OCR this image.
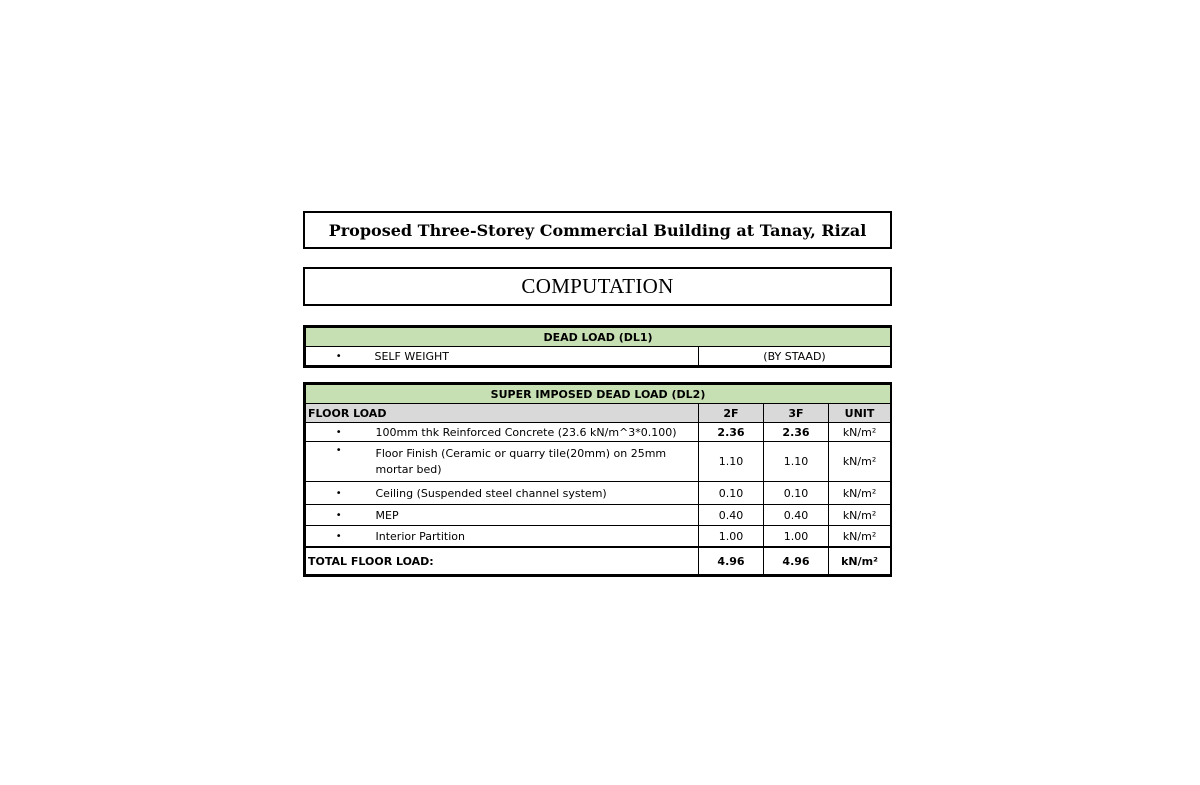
Proposed Three-Storey Commercial Building at Tanay, Rizal
COMPUTATION
DEAD LOAD (DL1)
•	SELF WEIGHT	(BY STAAD)
SUPER IMPOSED DEAD LOAD (DL2)				
FLOOR LOAD		2F	3F	UNIT
•	100mm thk Reinforced Concrete (23.6 kN/m^3*0.100)	2.36	2.36	kN/m²
•	Floor Finish (Ceramic or quarry tile(20mm) on 25mm mortar bed)	1.10	1.10	kN/m²
•	Ceiling (Suspended steel channel system)	0.10	0.10	kN/m²
•	MEP	0.40	0.40	kN/m²
•	Interior Partition	1.00	1.00	kN/m²
TOTAL FLOOR LOAD:		4.96	4.96	kN/m²
